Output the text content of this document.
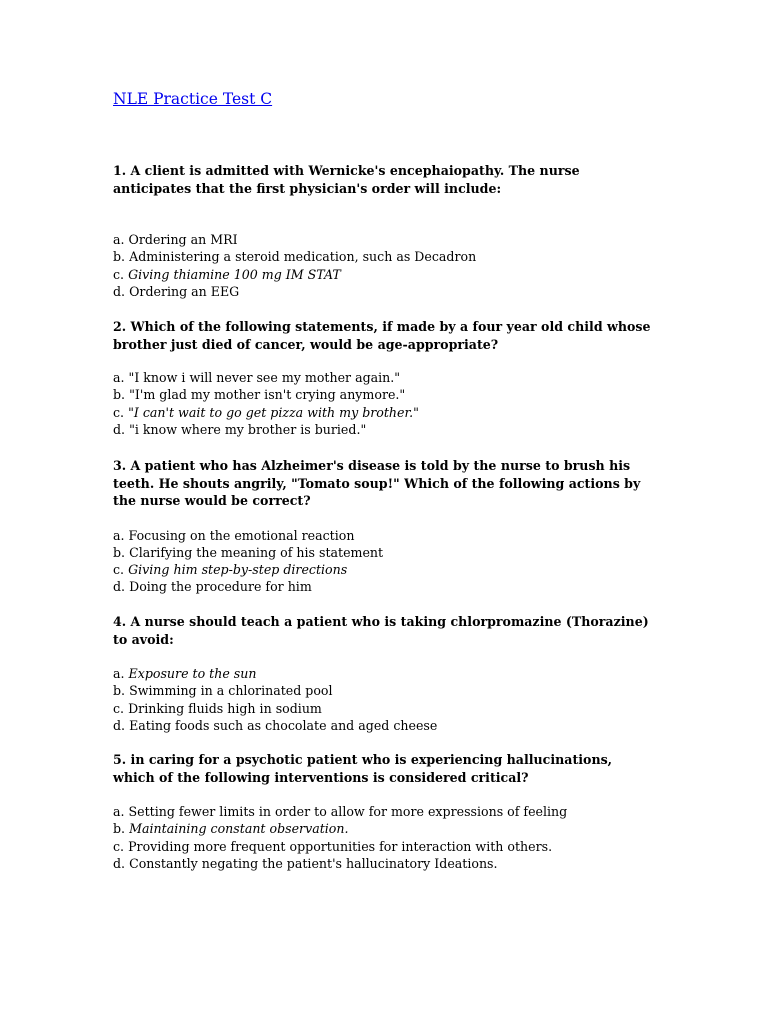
NLE Practice Test C

1. A client is admitted with Wernicke's encephaiopathy. The nurse anticipates that the first physician's order will include:

a. Ordering an MRI
b. Administering a steroid medication, such as Decadron
c. Giving thiamine 100 mg IM STAT
d. Ordering an EEG

2. Which of the following statements, if made by a four year old child whose brother just died of cancer, would be age-appropriate?

a. "I know i will never see my mother again."
b. "I'm glad my mother isn't crying anymore."
c. "I can't wait to go get pizza with my brother."
d. "i know where my brother is buried."

3. A patient who has Alzheimer's disease is told by the nurse to brush his teeth. He shouts angrily, "Tomato soup!" Which of the following actions by the nurse would be correct?

a. Focusing on the emotional reaction
b. Clarifying the meaning of his statement
c. Giving him step-by-step directions
d. Doing the procedure for him

4. A nurse should teach a patient who is taking chlorpromazine (Thorazine) to avoid:

a. Exposure to the sun
b. Swimming in a chlorinated pool
c. Drinking fluids high in sodium
d. Eating foods such as chocolate and aged cheese

5. in caring for a psychotic patient who is experiencing hallucinations, which of the following interventions is considered critical?

a. Setting fewer limits in order to allow for more expressions of feeling
b. Maintaining constant observation.
c. Providing more frequent opportunities for interaction with others.
d. Constantly negating the patient's hallucinatory Ideations.
